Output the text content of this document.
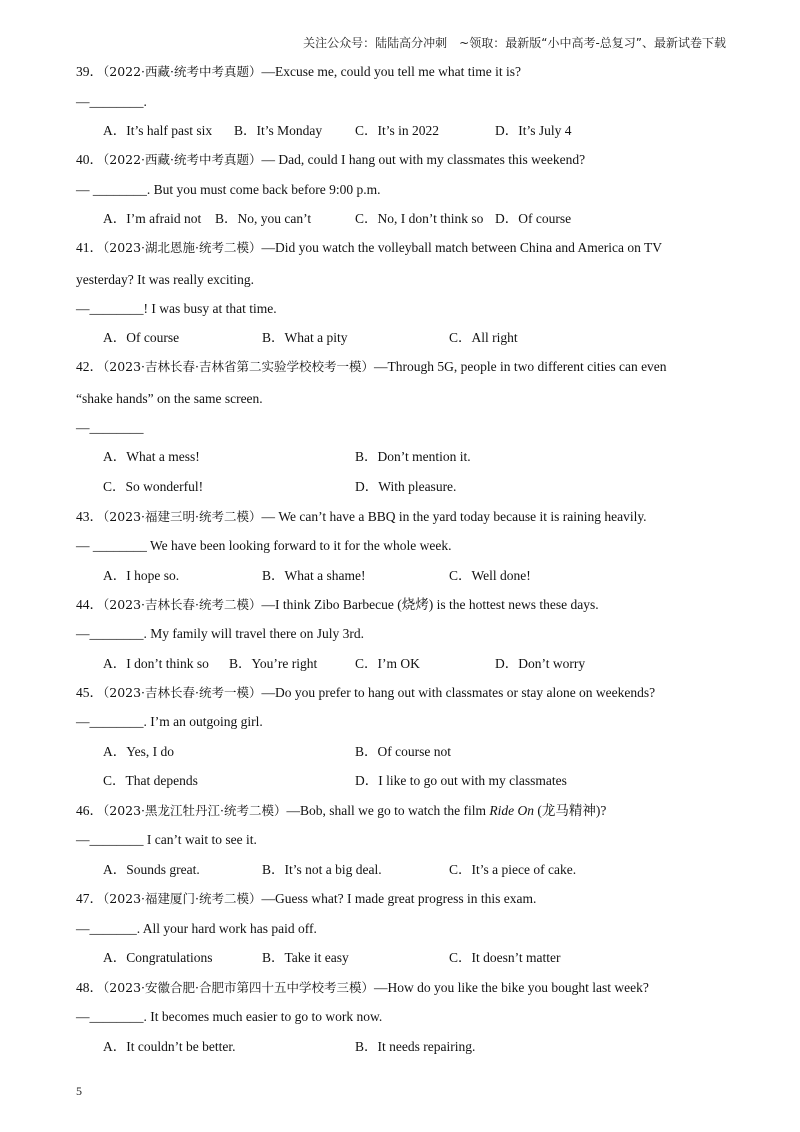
关注公众号：陆陆高分冲刺　~领取：最新版“小中高考-总复习”、最新试卷下载
39．（2022·西藏·统考中考真题）—Excuse me, could you tell me what time it is?
—________.
A．It’s half past six B．It’s Monday C．It’s in 2022	D．It’s July 4
40．（2022·西藏·统考中考真题）— Dad, could I hang out with my classmates this weekend?
— ________. But you must come back before 9:00 p.m.
A．I’m afraid not B．No, you can’t	C．No, I don’t think so D．Of course
41．（2023·湖北恩施·统考二模）—Did you watch the volleyball match between China and America on TV
yesterday? It was really exciting.
—________! I was busy at that time.
A．Of course	B．What a pity	C．All right
42．（2023·吉林长春·吉林省第二实验学校校考一模）—Through 5G, people in two different cities can even
“shake hands” on the same screen.
—________
A．What a mess!	B．Don’t mention it.
C．So wonderful!	D．With pleasure.
43．（2023·福建三明·统考二模）— We can’t have a BBQ in the yard today because it is raining heavily.
— ________ We have been looking forward to it for the whole week.
A．I hope so.	B．What a shame!	C．Well done!
44．（2023·吉林长春·统考二模）—I think Zibo Barbecue (烧烤) is the hottest news these days.
—________. My family will travel there on July 3rd.
A．I don’t think so B．You’re right	C．I’m OK	D．Don’t worry
45．（2023·吉林长春·统考一模）—Do you prefer to hang out with classmates or stay alone on weekends?
—________. I’m an outgoing girl.
A．Yes, I do	B．Of course not
C．That depends	D．I like to go out with my classmates
46．（2023·黑龙江牡丹江·统考二模）—Bob, shall we go to watch the film Ride On (龙马精神)?
—________ I can’t wait to see it.
A．Sounds great.	B．It’s not a big deal.	C．It’s a piece of cake.
47．（2023·福建厦门·统考二模）—Guess what? I made great progress in this exam.
—_______. All your hard work has paid off.
A．Congratulations	B．Take it easy	C．It doesn’t matter
48．（2023·安徽合肥·合肥市第四十五中学校考三模）—How do you like the bike you bought last week?
—________. It becomes much easier to go to work now.
A．It couldn’t be better.	B．It needs repairing.
5
